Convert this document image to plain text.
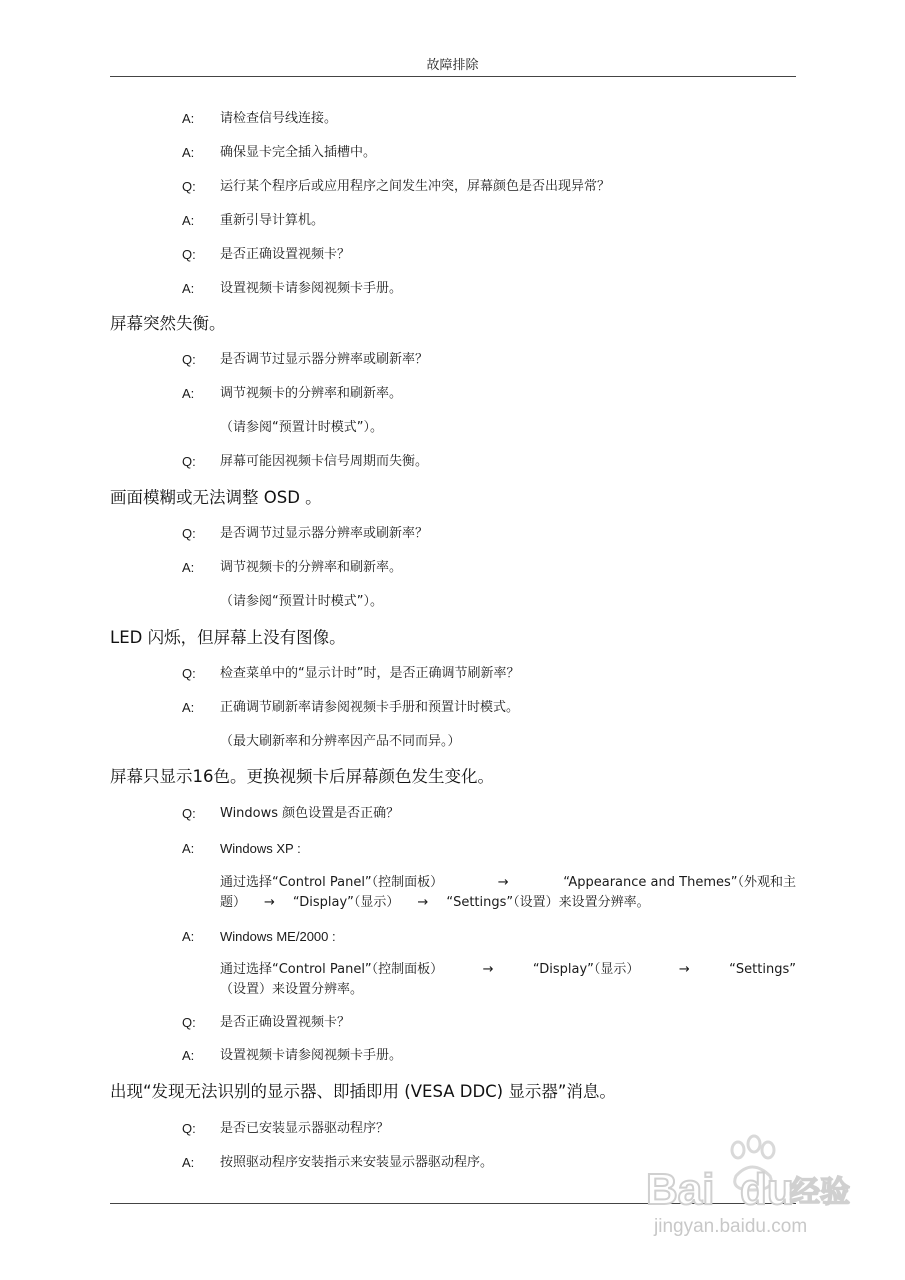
故障排除
A:	请检查信号线连接。
A:	确保显卡完全插入插槽中。
Q:	运行某个程序后或应用程序之间发生冲突，屏幕颜色是否出现异常？
A:	重新引导计算机。
Q:	是否正确设置视频卡？
A:	设置视频卡请参阅视频卡手册。
屏幕突然失衡。
Q:	是否调节过显示器分辨率或刷新率？
A:	调节视频卡的分辨率和刷新率。
（请参阅“预置计时模式”）。
Q:	屏幕可能因视频卡信号周期而失衡。
画面模糊或无法调整 OSD 。
Q:	是否调节过显示器分辨率或刷新率？
A:	调节视频卡的分辨率和刷新率。
（请参阅“预置计时模式”）。
LED 闪烁，但屏幕上没有图像。
Q:	检查菜单中的“显示计时”时，是否正确调节刷新率？
A:	正确调节刷新率请参阅视频卡手册和预置计时模式。
（最大刷新率和分辨率因产品不同而异。）
屏幕只显示16色。更换视频卡后屏幕颜色发生变化。
Q:	Windows 颜色设置是否正确？
A:	Windows XP :
通过选择“Control Panel”（控制面板）	→	“Appearance and Themes”（外观和主
题） → “Display”（显示） → “Settings”（设置）来设置分辨率。
A:	Windows ME/2000 :
通过选择“Control Panel”（控制面板）	→	“Display”（显示）	→	“Settings”
（设置）来设置分辨率。
Q:	是否正确设置视频卡？
A:	设置视频卡请参阅视频卡手册。
出现“发现无法识别的显示器、即插即用 (VESA DDC) 显示器”消息。
Q:	是否已安装显示器驱动程序？
A:	按照驱动程序安装指示来安装显示器驱动程序。
Bai du
经验
jingyan.baidu.com
